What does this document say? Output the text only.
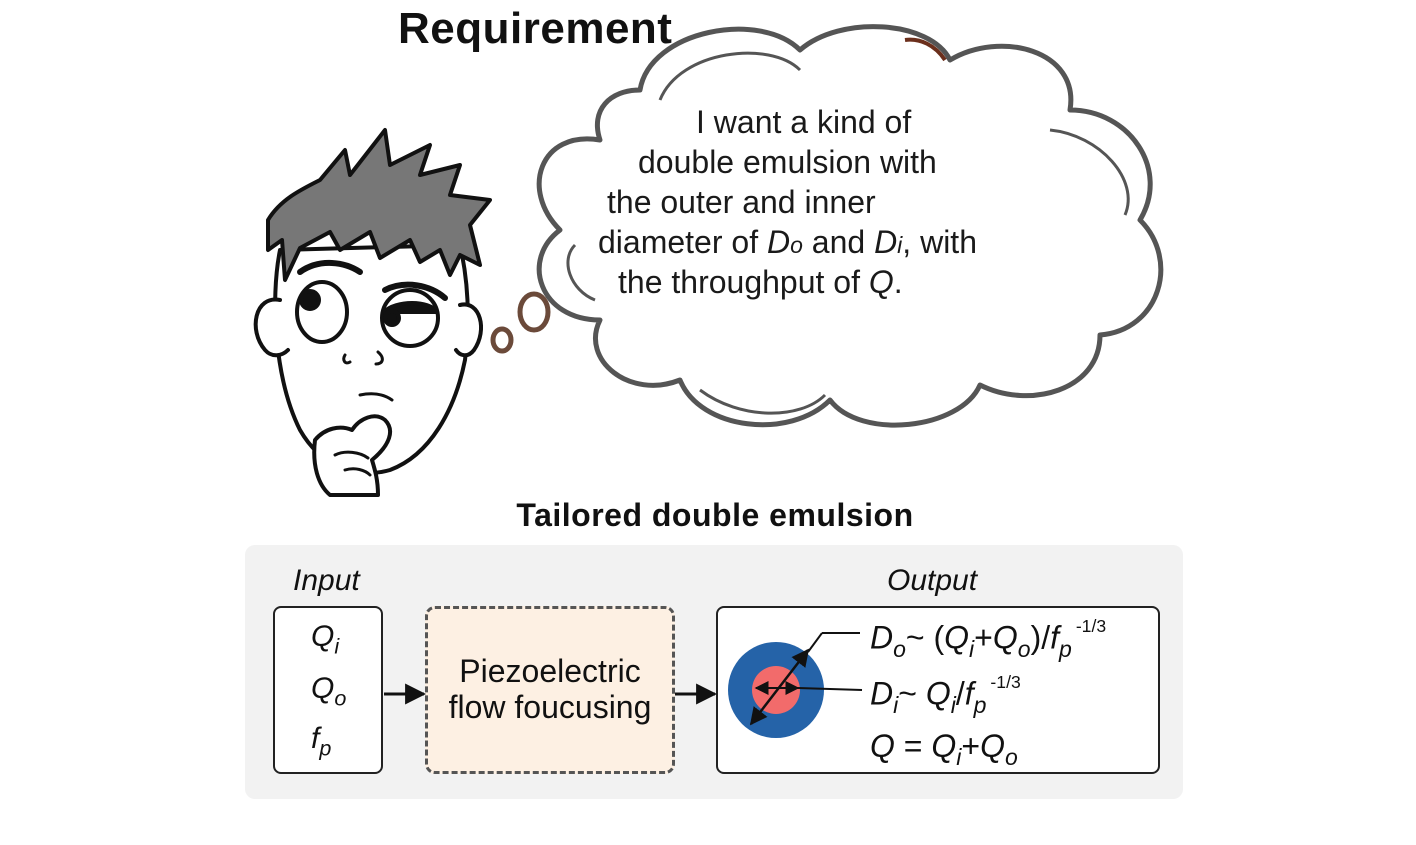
Requirement
I want a kind of
double emulsion with
the outer and inner
diameter of Do and Di, with
the throughput of Q.
Tailored double emulsion
Input	Output
$Q_i$
$Q_o$
$f_p$
Piezoelectric
flow foucusing
$D_o\sim$ $(Q_i+Q_o)/f_p^{-1/3}$
$D_i\sim$ $Q_i/f_p^{-1/3}$
$Q = Q_i+Q_o$
